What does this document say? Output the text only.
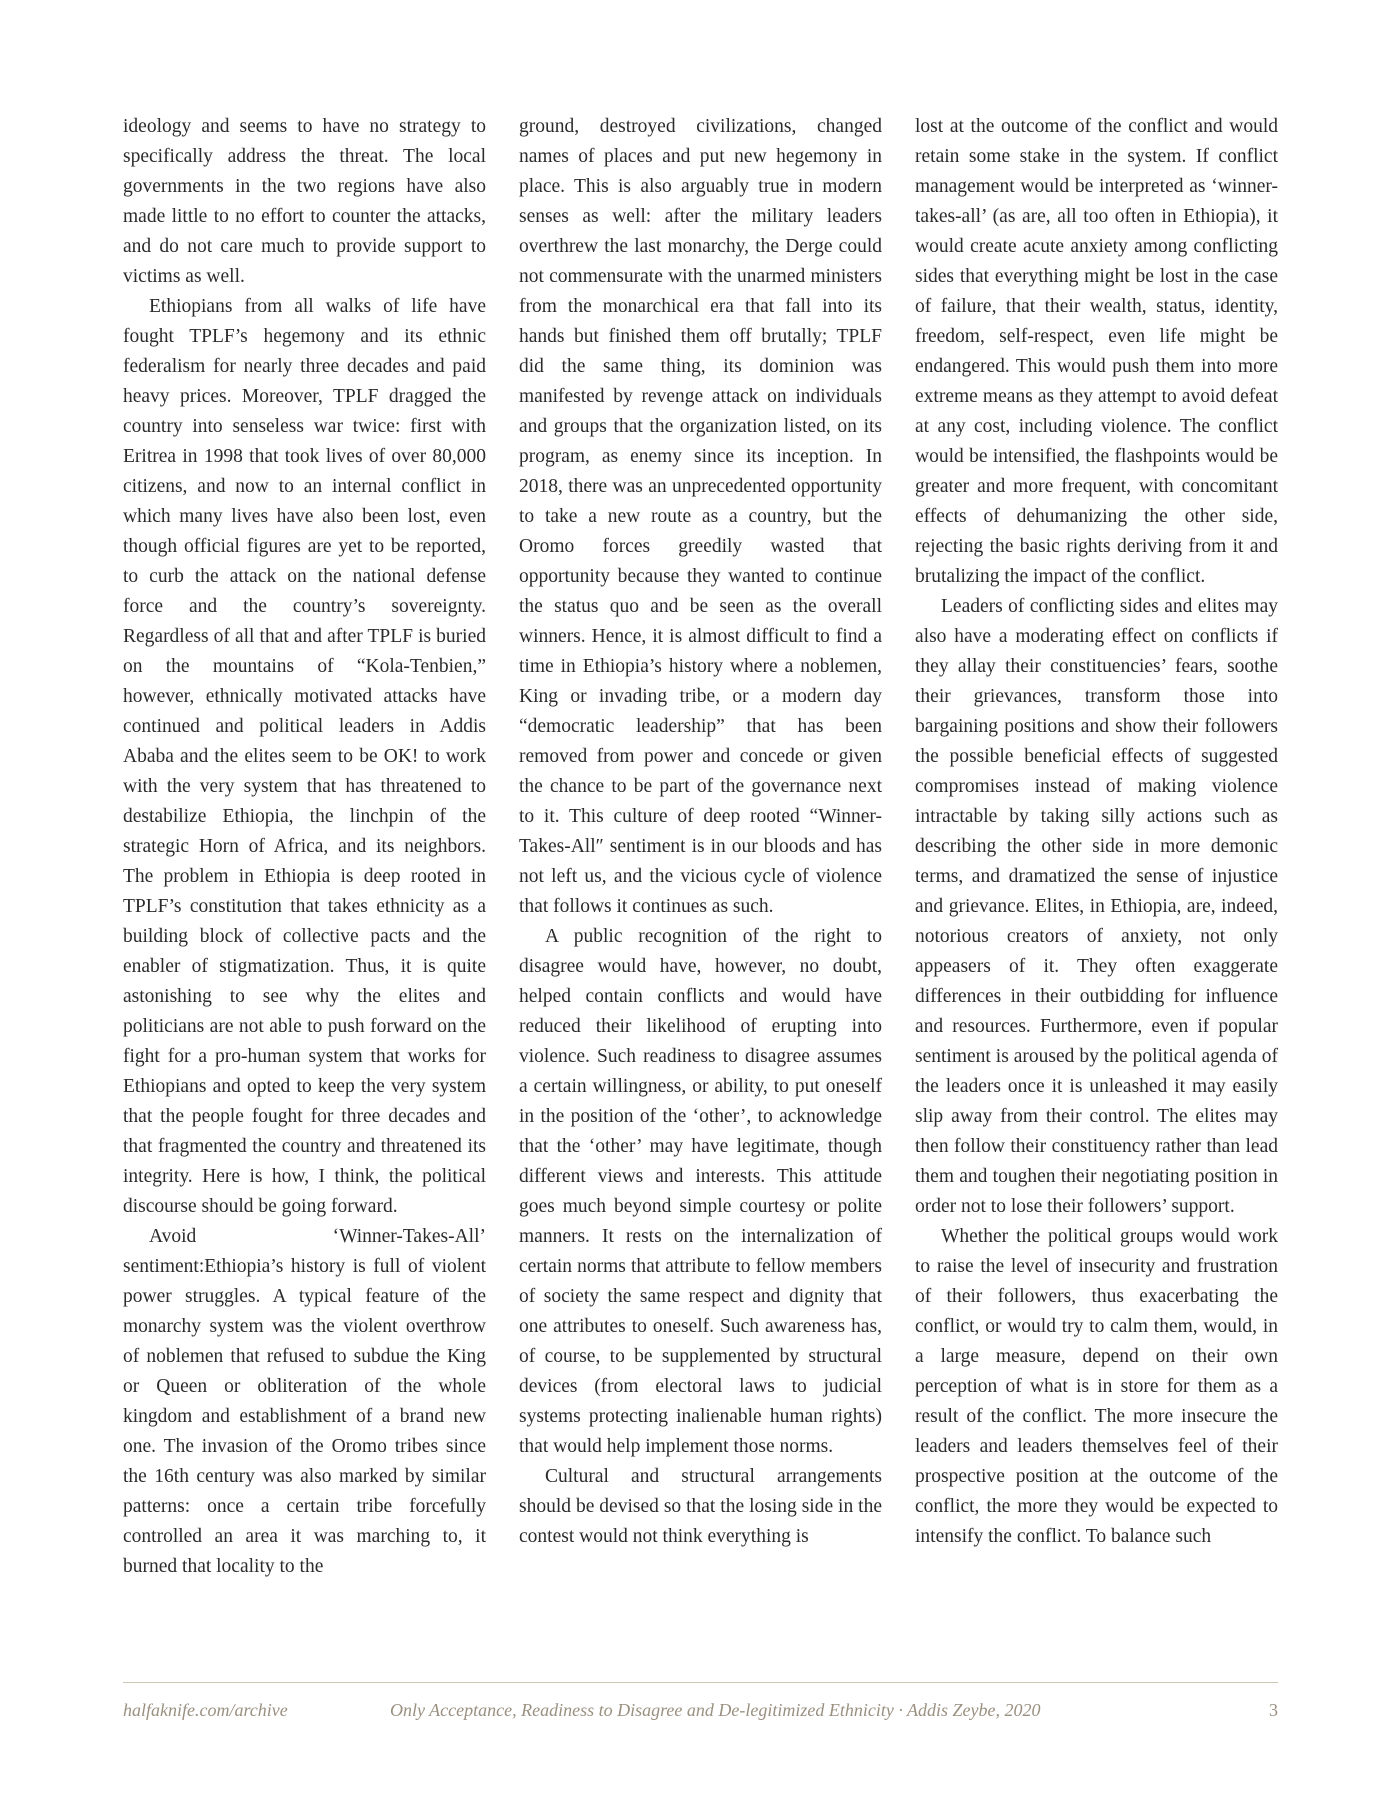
ideology and seems to have no strategy to specifically address the threat. The local governments in the two regions have also made little to no effort to counter the attacks, and do not care much to provide support to victims as well.

Ethiopians from all walks of life have fought TPLF’s hegemony and its ethnic federalism for nearly three decades and paid heavy prices. Moreover, TPLF dragged the country into senseless war twice: first with Eritrea in 1998 that took lives of over 80,000 citizens, and now to an internal conflict in which many lives have also been lost, even though official figures are yet to be reported, to curb the attack on the national defense force and the country’s sovereignty. Regardless of all that and after TPLF is buried on the mountains of “Kola-Tenbien,” however, ethnically motivated attacks have continued and political leaders in Addis Ababa and the elites seem to be OK! to work with the very system that has threatened to destabilize Ethiopia, the linchpin of the strategic Horn of Africa, and its neighbors. The problem in Ethiopia is deep rooted in TPLF’s constitution that takes ethnicity as a building block of collective pacts and the enabler of stigmatization. Thus, it is quite astonishing to see why the elites and politicians are not able to push forward on the fight for a pro-human system that works for Ethiopians and opted to keep the very system that the people fought for three decades and that fragmented the country and threatened its integrity. Here is how, I think, the political discourse should be going forward.

Avoid ‘Winner-Takes-All’ sentiment:Ethiopia’s history is full of violent power struggles. A typical feature of the monarchy system was the violent overthrow of noblemen that refused to subdue the King or Queen or obliteration of the whole kingdom and establishment of a brand new one. The invasion of the Oromo tribes since the 16th century was also marked by similar patterns: once a certain tribe forcefully controlled an area it was marching to, it burned that locality to the

ground, destroyed civilizations, changed names of places and put new hegemony in place. This is also arguably true in modern senses as well: after the military leaders overthrew the last monarchy, the Derge could not commensurate with the unarmed ministers from the monarchical era that fall into its hands but finished them off brutally; TPLF did the same thing, its dominion was manifested by revenge attack on individuals and groups that the organization listed, on its program, as enemy since its inception. In 2018, there was an unprecedented opportunity to take a new route as a country, but the Oromo forces greedily wasted that opportunity because they wanted to continue the status quo and be seen as the overall winners. Hence, it is almost difficult to find a time in Ethiopia’s history where a noblemen, King or invading tribe, or a modern day “democratic leadership” that has been removed from power and concede or given the chance to be part of the governance next to it. This culture of deep rooted “Winner-Takes-All″ sentiment is in our bloods and has not left us, and the vicious cycle of violence that follows it continues as such.

A public recognition of the right to disagree would have, however, no doubt, helped contain conflicts and would have reduced their likelihood of erupting into violence. Such readiness to disagree assumes a certain willingness, or ability, to put oneself in the position of the ‘other’, to acknowledge that the ‘other’ may have legitimate, though different views and interests. This attitude goes much beyond simple courtesy or polite manners. It rests on the internalization of certain norms that attribute to fellow members of society the same respect and dignity that one attributes to oneself. Such awareness has, of course, to be supplemented by structural devices (from electoral laws to judicial systems protecting inalienable human rights) that would help implement those norms.

Cultural and structural arrangements should be devised so that the losing side in the contest would not think everything is

lost at the outcome of the conflict and would retain some stake in the system. If conflict management would be interpreted as ‘winner-takes-all’ (as are, all too often in Ethiopia), it would create acute anxiety among conflicting sides that everything might be lost in the case of failure, that their wealth, status, identity, freedom, self-respect, even life might be endangered. This would push them into more extreme means as they attempt to avoid defeat at any cost, including violence. The conflict would be intensified, the flashpoints would be greater and more frequent, with concomitant effects of dehumanizing the other side, rejecting the basic rights deriving from it and brutalizing the impact of the conflict.

Leaders of conflicting sides and elites may also have a moderating effect on conflicts if they allay their constituencies’ fears, soothe their grievances, transform those into bargaining positions and show their followers the possible beneficial effects of suggested compromises instead of making violence intractable by taking silly actions such as describing the other side in more demonic terms, and dramatized the sense of injustice and grievance. Elites, in Ethiopia, are, indeed, notorious creators of anxiety, not only appeasers of it. They often exaggerate differences in their outbidding for influence and resources. Furthermore, even if popular sentiment is aroused by the political agenda of the leaders once it is unleashed it may easily slip away from their control. The elites may then follow their constituency rather than lead them and toughen their negotiating position in order not to lose their followers’ support.

Whether the political groups would work to raise the level of insecurity and frustration of their followers, thus exacerbating the conflict, or would try to calm them, would, in a large measure, depend on their own perception of what is in store for them as a result of the conflict. The more insecure the leaders and leaders themselves feel of their prospective position at the outcome of the conflict, the more they would be expected to intensify the conflict. To balance such

halfaknife.com/archive	Only Acceptance, Readiness to Disagree and De-legitimized Ethnicity · Addis Zeybe, 2020	3
